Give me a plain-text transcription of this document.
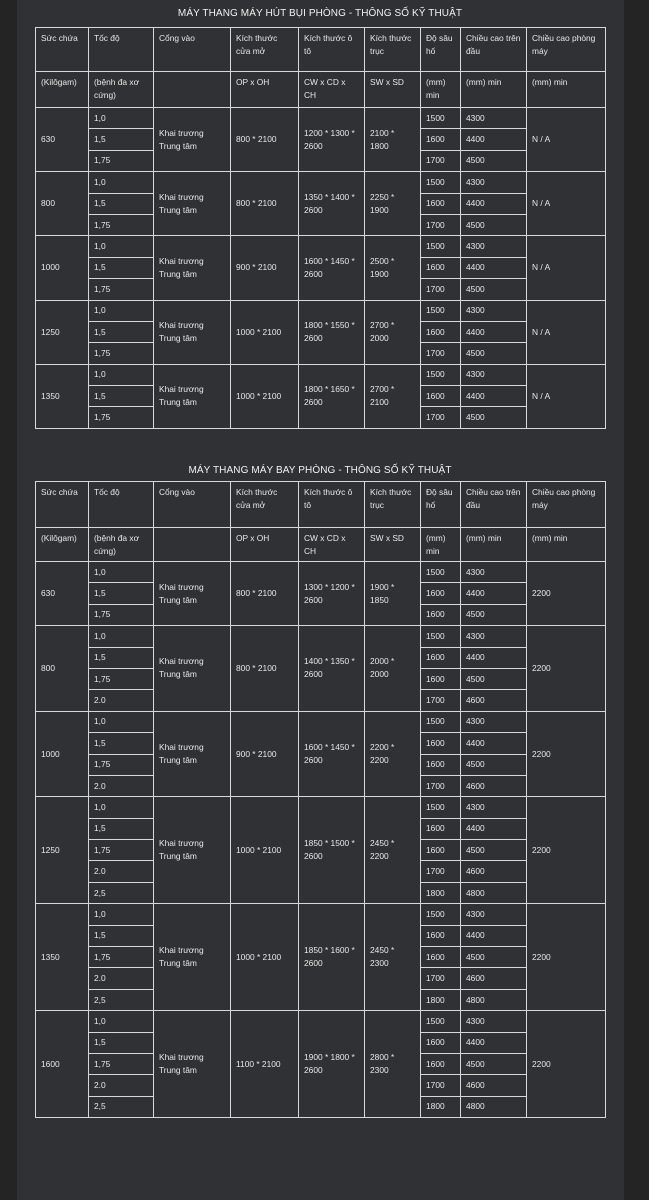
MÁY THANG MÁY HÚT BỤI PHÒNG - THÔNG SỐ KỸ THUẬT
Sức chứa	Tốc độ	Cổng vào	Kích thước cửa mở	Kích thước ô tô	Kích thước trục	Độ sâu hố	Chiều cao trên đầu	Chiều cao phòng máy
(Kilôgam)	(bệnh đa xơ cứng)		OP x OH	CW x CD x CH	SW x SD	(mm) min	(mm) min	(mm) min
630	1,0	Khai trương Trung tâm	800 * 2100	1200 * 1300 * 2600	2100 * 1800	1500	4300	N / A
	1,5					1600	4400	
	1,75					1700	4500	
800	1,0	Khai trương Trung tâm	800 * 2100	1350 * 1400 * 2600	2250 * 1900	1500	4300	N / A
	1,5					1600	4400	
	1,75					1700	4500	
1000	1,0	Khai trương Trung tâm	900 * 2100	1600 * 1450 * 2600	2500 * 1900	1500	4300	N / A
	1,5					1600	4400	
	1,75					1700	4500	
1250	1,0	Khai trương Trung tâm	1000 * 2100	1800 * 1550 * 2600	2700 * 2000	1500	4300	N / A
	1,5					1600	4400	
	1,75					1700	4500	
1350	1,0	Khai trương Trung tâm	1000 * 2100	1800 * 1650 * 2600	2700 * 2100	1500	4300	N / A
	1,5					1600	4400	
	1,75					1700	4500	
MÁY THANG MÁY BAY PHÒNG - THÔNG SỐ KỸ THUẬT
Sức chứa	Tốc độ	Cổng vào	Kích thước cửa mở	Kích thước ô tô	Kích thước trục	Độ sâu hố	Chiều cao trên đầu	Chiều cao phòng máy
(Kilôgam)	(bệnh đa xơ cứng)		OP x OH	CW x CD x CH	SW x SD	(mm) min	(mm) min	(mm) min
630	1,0	Khai trương Trung tâm	800 * 2100	1300 * 1200 * 2600	1900 * 1850	1500	4300	2200
	1,5					1600	4400	
	1,75					1600	4500	
800	1,0	Khai trương Trung tâm	800 * 2100	1400 * 1350 * 2600	2000 * 2000	1500	4300	2200
	1,5					1600	4400	
	1,75					1600	4500	
	2.0					1700	4600	
1000	1,0	Khai trương Trung tâm	900 * 2100	1600 * 1450 * 2600	2200 * 2200	1500	4300	2200
	1,5					1600	4400	
	1,75					1600	4500	
	2.0					1700	4600	
1250	1,0	Khai trương Trung tâm	1000 * 2100	1850 * 1500 * 2600	2450 * 2200	1500	4300	2200
	1,5					1600	4400	
	1,75					1600	4500	
	2.0					1700	4600	
	2,5					1800	4800	
1350	1,0	Khai trương Trung tâm	1000 * 2100	1850 * 1600 * 2600	2450 * 2300	1500	4300	2200
	1,5					1600	4400	
	1,75					1600	4500	
	2.0					1700	4600	
	2,5					1800	4800	
1600	1,0	Khai trương Trung tâm	1100 * 2100	1900 * 1800 * 2600	2800 * 2300	1500	4300	2200
	1,5					1600	4400	
	1,75					1600	4500	
	2.0					1700	4600	
	2,5					1800	4800	
